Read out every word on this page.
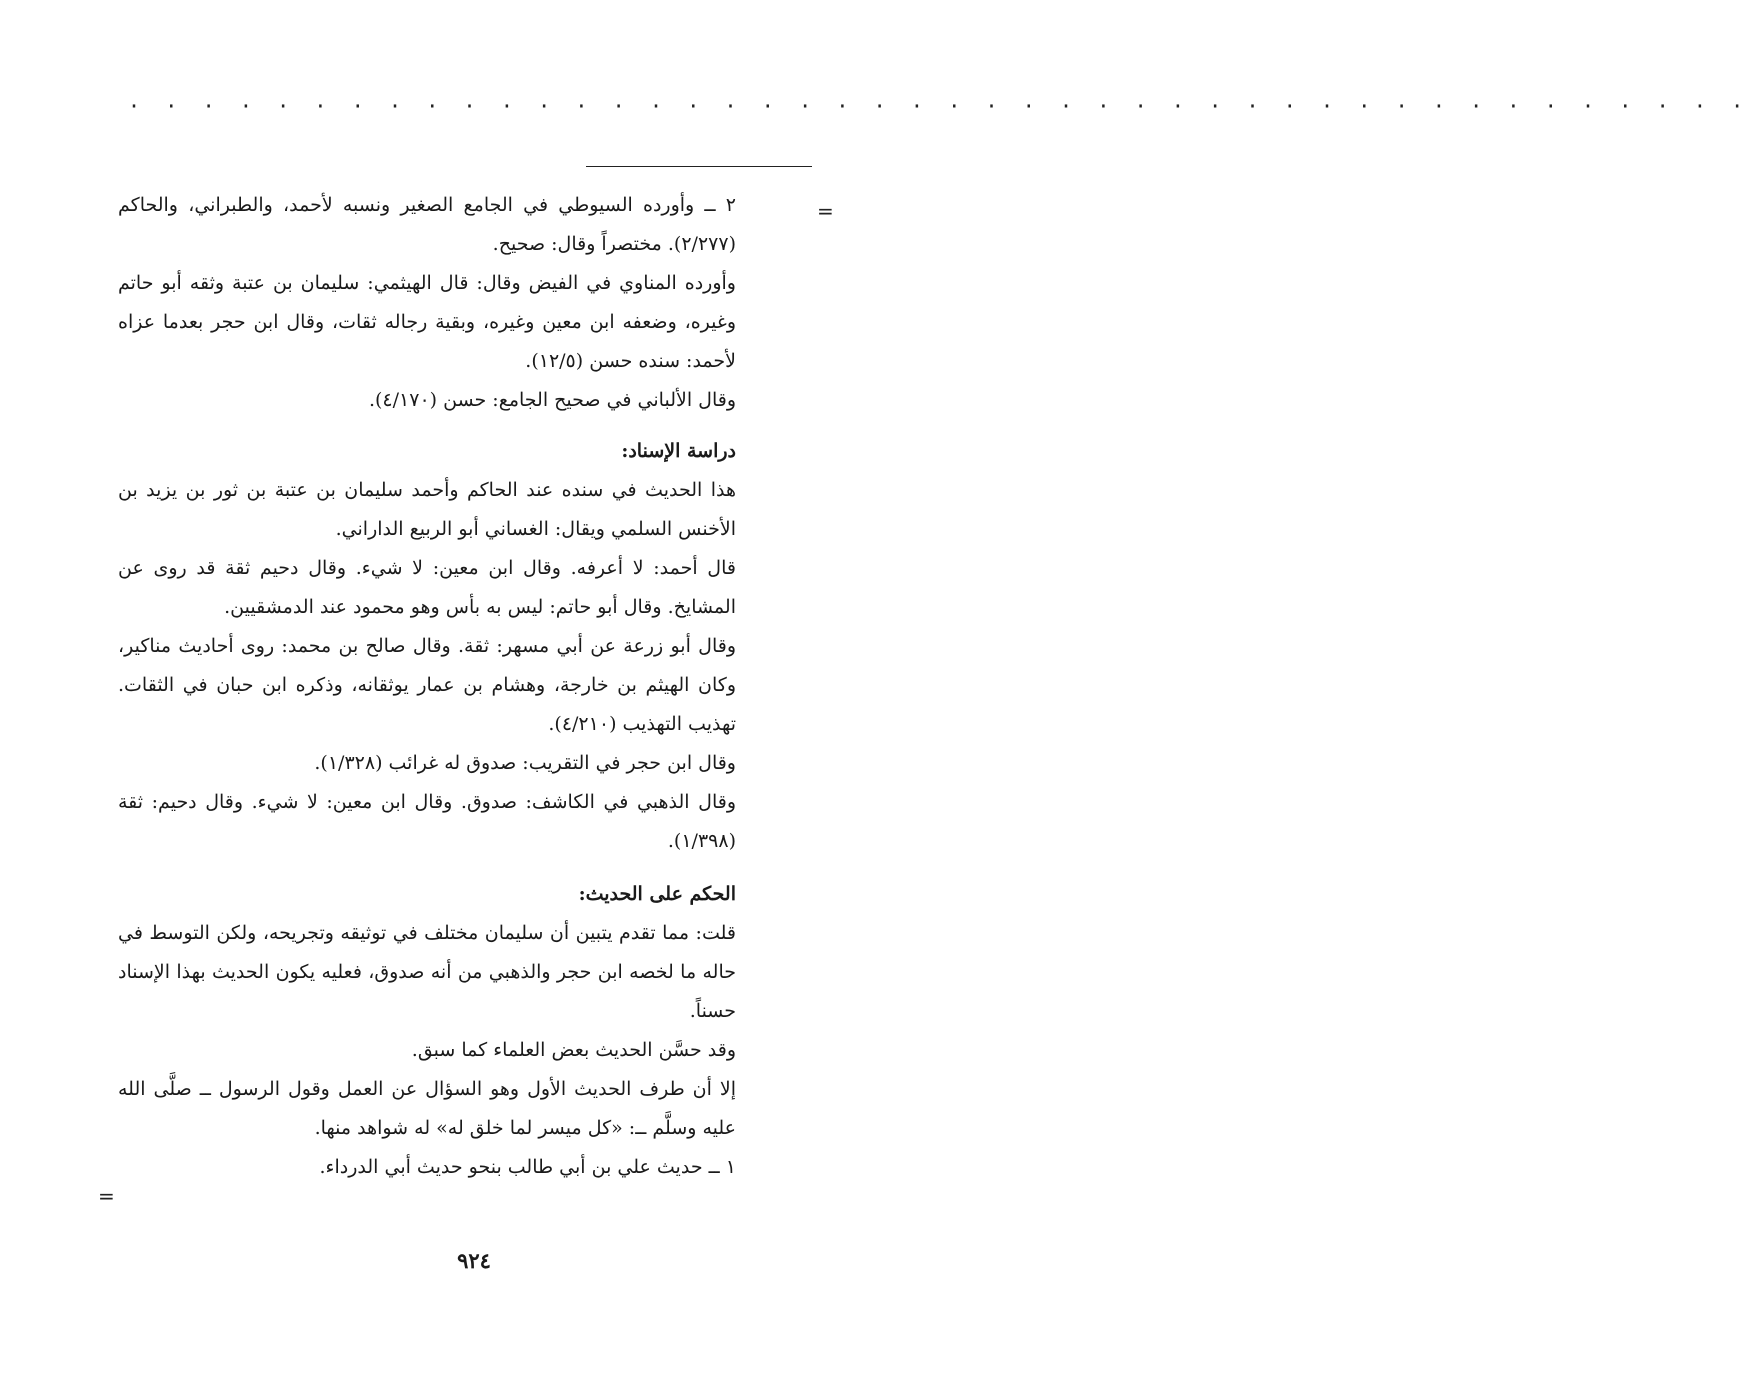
· · · · · · · · · · · · · · · · · · · · · · · · · · · · · · · · · · · · · · · · · · · ·
=
=

٢ ــ وأورده السيوطي في الجامع الصغير ونسبه لأحمد، والطبراني، والحاكم (٢/٢٧٧). مختصراً وقال: صحيح.

وأورده المناوي في الفيض وقال: قال الهيثمي: سليمان بن عتبة وثقه أبو حاتم وغيره، وضعفه ابن معين وغيره، وبقية رجاله ثقات، وقال ابن حجر بعدما عزاه لأحمد: سنده حسن (١٢/٥).

وقال الألباني في صحيح الجامع: حسن (٤/١٧٠).

دراسة الإسناد:

هذا الحديث في سنده عند الحاكم وأحمد سليمان بن عتبة بن ثور بن يزيد بن الأخنس السلمي ويقال: الغساني أبو الربيع الداراني.

قال أحمد: لا أعرفه. وقال ابن معين: لا شيء. وقال دحيم ثقة قد روى عن المشايخ. وقال أبو حاتم: ليس به بأس وهو محمود عند الدمشقيين.

وقال أبو زرعة عن أبي مسهر: ثقة. وقال صالح بن محمد: روى أحاديث مناكير، وكان الهيثم بن خارجة، وهشام بن عمار يوثقانه، وذكره ابن حبان في الثقات. تهذيب التهذيب (٤/٢١٠).

وقال ابن حجر في التقريب: صدوق له غرائب (١/٣٢٨).

وقال الذهبي في الكاشف: صدوق. وقال ابن معين: لا شيء. وقال دحيم: ثقة (١/٣٩٨).

الحكم على الحديث:

قلت: مما تقدم يتبين أن سليمان مختلف في توثيقه وتجريحه، ولكن التوسط في حاله ما لخصه ابن حجر والذهبي من أنه صدوق، فعليه يكون الحديث بهذا الإسناد حسناً.

وقد حسَّن الحديث بعض العلماء كما سبق.

إلا أن طرف الحديث الأول وهو السؤال عن العمل وقول الرسول ــ صلَّى الله عليه وسلَّم ــ: «كل ميسر لما خلق له» له شواهد منها.

١ ــ حديث علي بن أبي طالب بنحو حديث أبي الدرداء.

٩٢٤
